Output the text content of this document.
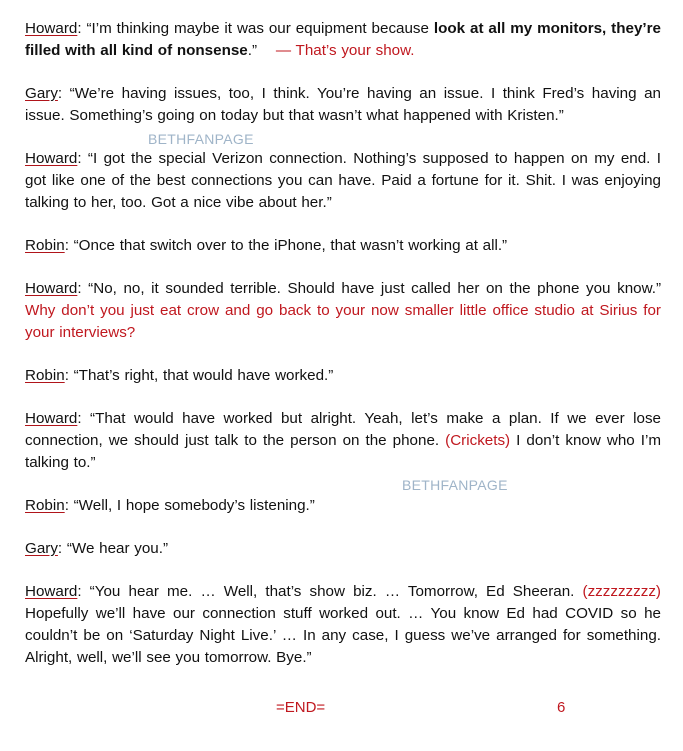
Howard: “I’m thinking maybe it was our equipment because look at all my monitors, they’re filled with all kind of nonsense.”    — That’s your show.

Gary: “We’re having issues, too, I think. You’re having an issue. I think Fred’s having an issue. Something’s going on today but that wasn’t what happened with Kristen.”

Howard: “I got the special Verizon connection. Nothing’s supposed to happen on my end. I got like one of the best connections you can have. Paid a fortune for it. Shit. I was enjoying talking to her, too. Got a nice vibe about her.”

Robin: “Once that switch over to the iPhone, that wasn’t working at all.”

Howard: “No, no, it sounded terrible. Should have just called her on the phone you know.” Why don’t you just eat crow and go back to your now smaller little office studio at Sirius for your interviews?

Robin: “That’s right, that would have worked.”

Howard: “That would have worked but alright. Yeah, let’s make a plan. If we ever lose connection, we should just talk to the person on the phone. (Crickets) I don’t know who I’m talking to.”

Robin: “Well, I hope somebody’s listening.”

Gary: “We hear you.”

Howard: “You hear me. … Well, that’s show biz. … Tomorrow, Ed Sheeran. (zzzzzzzzz) Hopefully we’ll have our connection stuff worked out. … You know Ed had COVID so he couldn’t be on ‘Saturday Night Live.’ … In any case, I guess we’ve arranged for something. Alright, well, we’ll see you tomorrow. Bye.”

BETHFANPAGE
BETHFANPAGE
=END=	6
